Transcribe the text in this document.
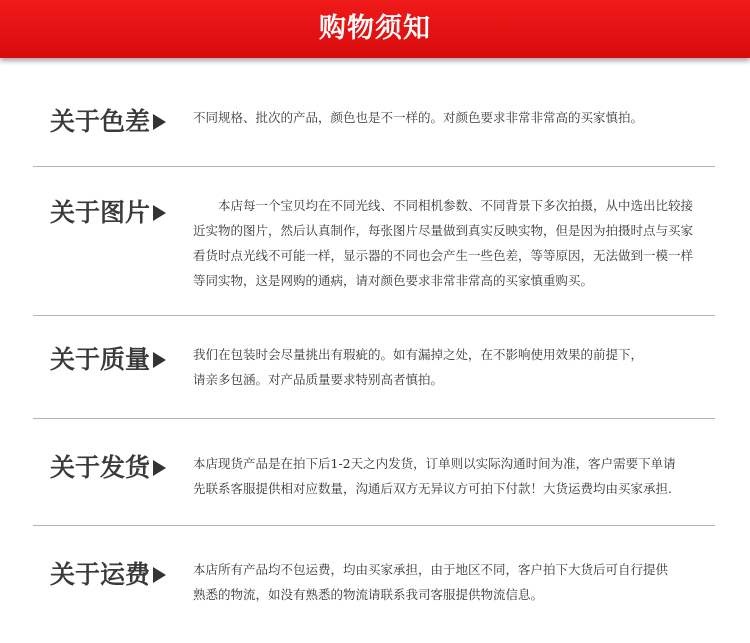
购物须知
关于色差	不同规格、批次的产品，颜色也是不一样的。对颜色要求非常非常高的买家慎拍。

关于图片	本店每一个宝贝均在不同光线、不同相机参数、不同背景下多次拍摄，从中选出比较接近实物的图片，然后认真制作，每张图片尽量做到真实反映实物，但是因为拍摄时点与买家看货时点光线不可能一样，显示器的不同也会产生一些色差，等等原因，无法做到一模一样等同实物，这是网购的通病，请对颜色要求非常非常高的买家慎重购买。

关于质量	我们在包装时会尽量挑出有瑕疵的。如有漏掉之处，在不影响使用效果的前提下，

请亲多包涵。对产品质量要求特别高者慎拍。

关于发货	本店现货产品是在拍下后1-2天之内发货，订单则以实际沟通时间为准，客户需要下单请

先联系客服提供相对应数量，沟通后双方无异议方可拍下付款！大货运费均由买家承担.

关于运费	本店所有产品均不包运费，均由买家承担，由于地区不同，客户拍下大货后可自行提供

熟悉的物流，如没有熟悉的物流请联系我司客服提供物流信息。
